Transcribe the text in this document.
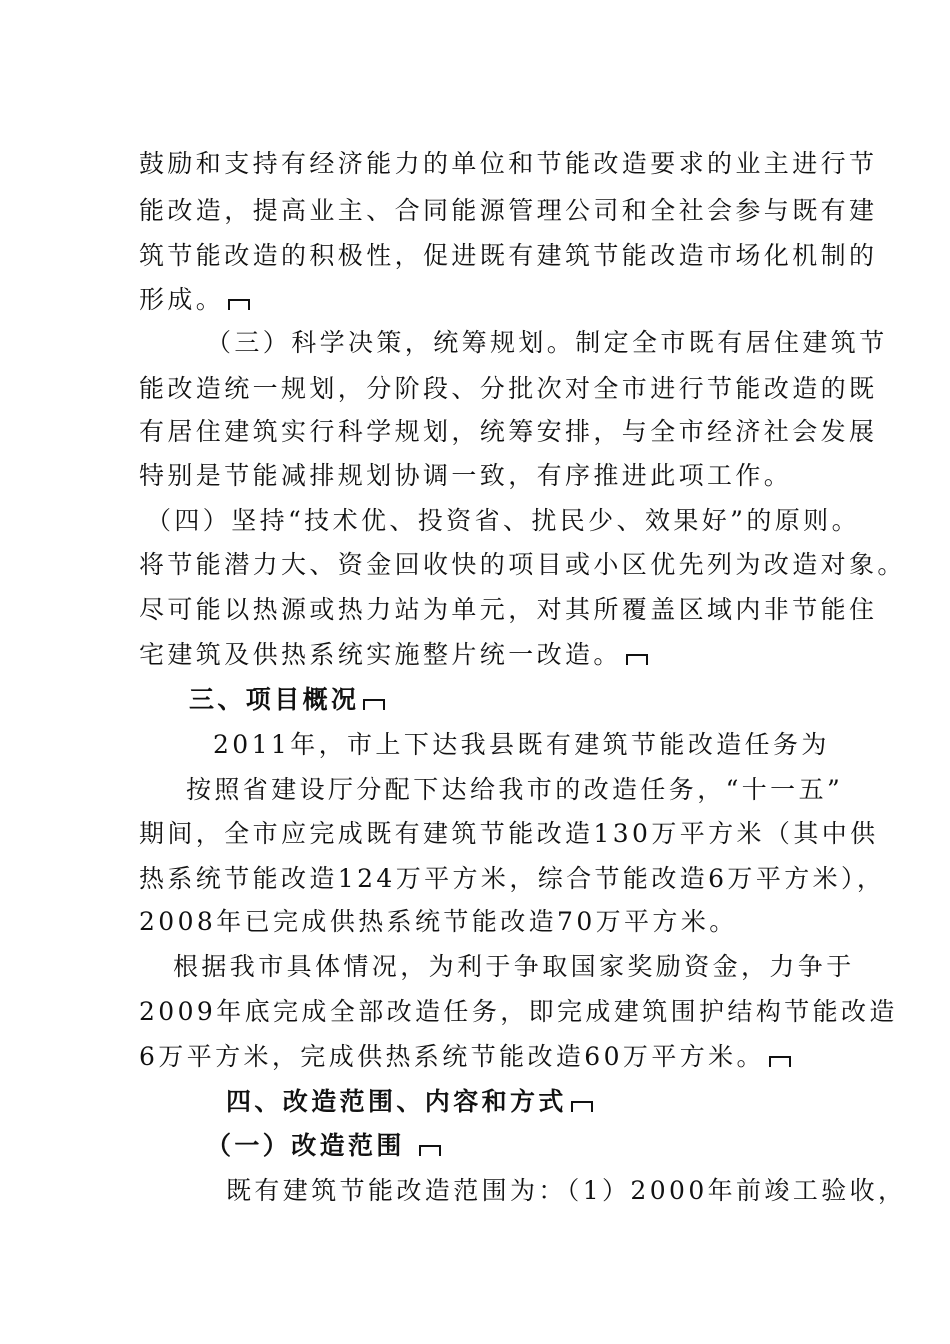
鼓励和支持有经济能力的单位和节能改造要求的业主进行节
能改造，提高业主、合同能源管理公司和全社会参与既有建
筑节能改造的积极性，促进既有建筑节能改造市场化机制的
形成。
（三）科学决策，统筹规划。制定全市既有居住建筑节
能改造统一规划，分阶段、分批次对全市进行节能改造的既
有居住建筑实行科学规划，统筹安排，与全市经济社会发展
特别是节能减排规划协调一致，有序推进此项工作。
（四）坚持“技术优、投资省、扰民少、效果好”的原则。
将节能潜力大、资金回收快的项目或小区优先列为改造对象。
尽可能以热源或热力站为单元，对其所覆盖区域内非节能住
宅建筑及供热系统实施整片统一改造。
三、项目概况
2011年，市上下达我县既有建筑节能改造任务为
按照省建设厅分配下达给我市的改造任务，“十一五”
期间，全市应完成既有建筑节能改造130万平方米（其中供
热系统节能改造124万平方米，综合节能改造6万平方米），
2008年已完成供热系统节能改造70万平方米。
根据我市具体情况，为利于争取国家奖励资金，力争于
2009年底完成全部改造任务，即完成建筑围护结构节能改造
6万平方米，完成供热系统节能改造60万平方米。
四、改造范围、内容和方式
（一）改造范围
既有建筑节能改造范围为：（1）2000年前竣工验收，
